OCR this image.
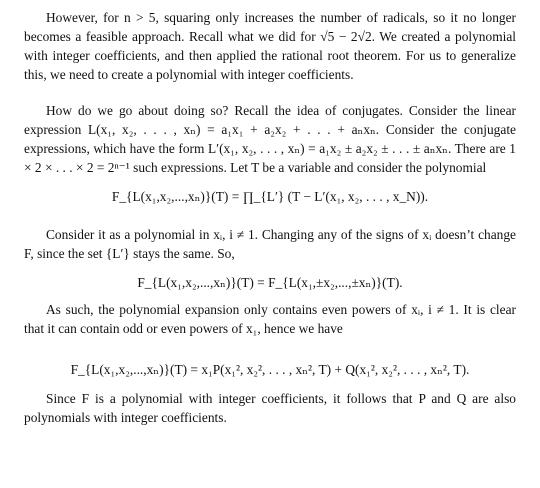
However, for n > 5, squaring only increases the number of radicals, so it no longer becomes a feasible approach. Recall what we did for √5 − 2√2. We created a polynomial with integer coefficients, and then applied the rational root theorem. For us to generalize this, we need to create a polynomial with integer coefficients.

How do we go about doing so? Recall the idea of conjugates. Consider the linear expression L(x₁, x₂, . . . , xₙ) = a₁x₁ + a₂x₂ + . . . + aₙxₙ. Consider the conjugate expressions, which have the form L′(x₁, x₂, . . . , xₙ) = a₁x₂ ± a₂x₂ ± . . . ± aₙxₙ. There are 1 × 2 × . . . × 2 = 2ⁿ⁻¹ such expressions. Let T be a variable and consider the polynomial

F_{L(x₁,x₂,...,xₙ)}(T) = ∏_{L′} (T − L′(x₁, x₂, . . . , x_N)).

Consider it as a polynomial in xᵢ, i ≠ 1. Changing any of the signs of xᵢ doesn’t change F, since the set {L′} stays the same. So,

F_{L(x₁,x₂,...,xₙ)}(T) = F_{L(x₁,±x₂,...,±xₙ)}(T).

As such, the polynomial expansion only contains even powers of xᵢ, i ≠ 1. It is clear that it can contain odd or even powers of x₁, hence we have

F_{L(x₁,x₂,...,xₙ)}(T) = x₁P(x₁², x₂², . . . , xₙ², T) + Q(x₁², x₂², . . . , xₙ², T).

Since F is a polynomial with integer coefficients, it follows that P and Q are also polynomials with integer coefficients.
